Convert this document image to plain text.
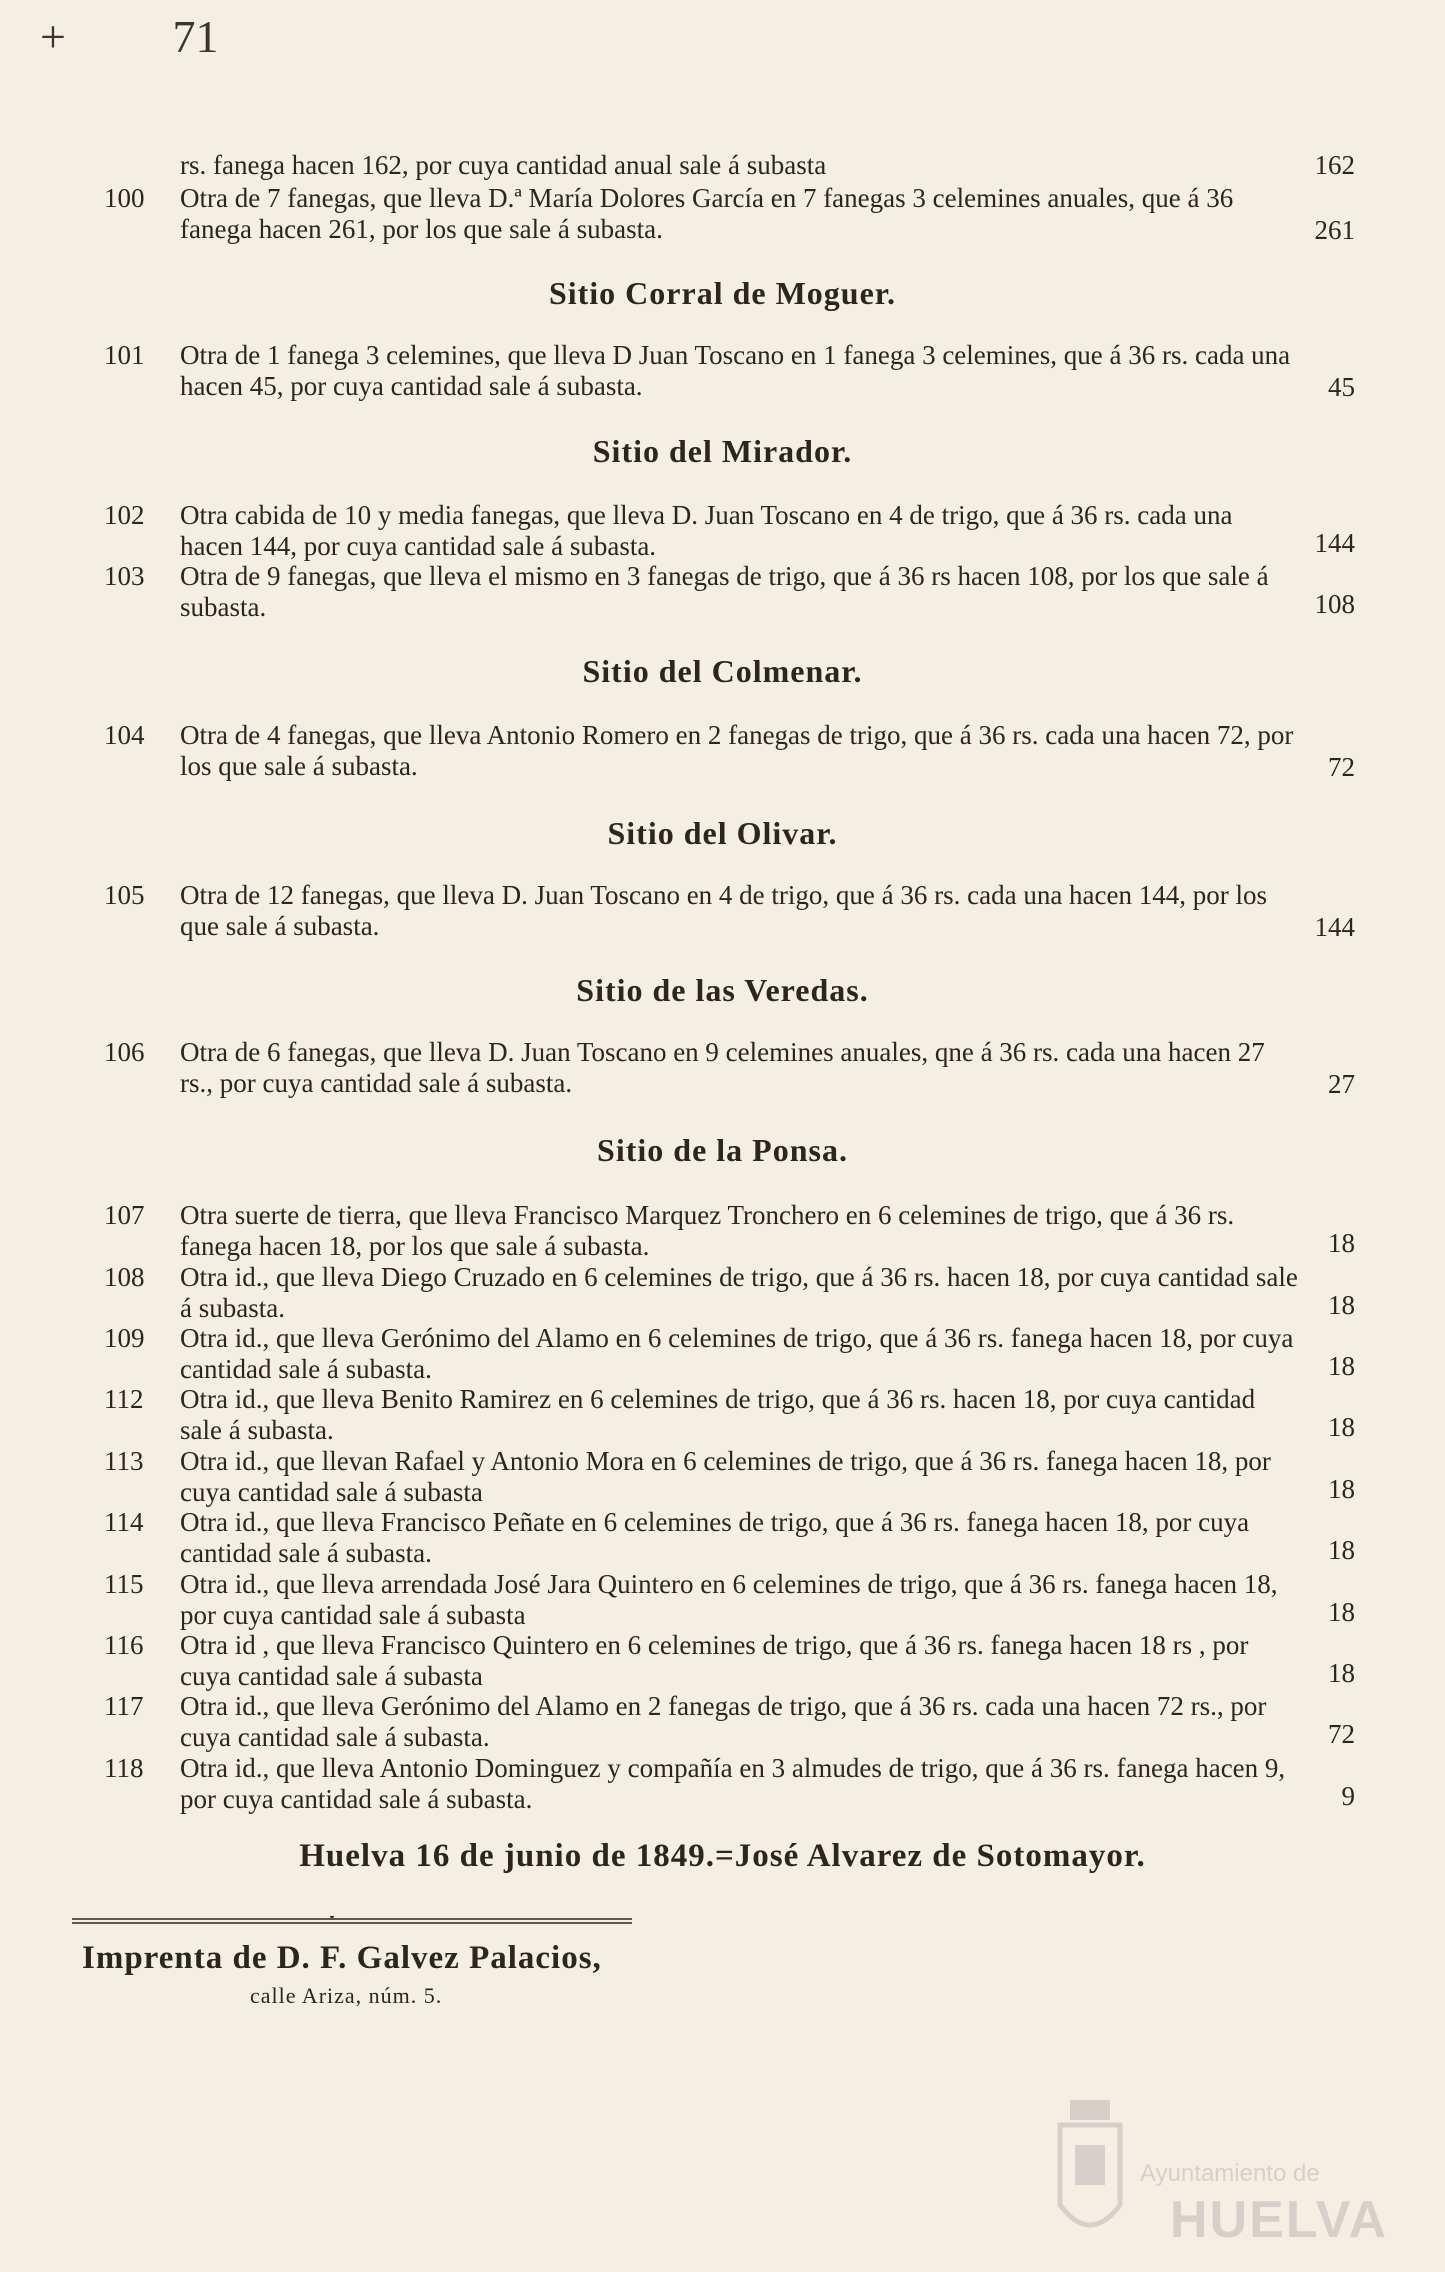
+ 71
rs. fanega hacen 162, por cuya cantidad anual sale á subasta	162
100	Otra de 7 fanegas, que lleva D.ª María Dolores García en 7 fanegas 3 celemines anuales, que á 36 fanega hacen 261, por los que sale á subasta.	261
Sitio Corral de Moguer.
101	Otra de 1 fanega 3 celemines, que lleva D Juan Toscano en 1 fanega 3 celemines, que á 36 rs. cada una hacen 45, por cuya cantidad sale á subasta.	45
Sitio del Mirador.
102	Otra cabida de 10 y media fanegas, que lleva D. Juan Toscano en 4 de trigo, que á 36 rs. cada una hacen 144, por cuya cantidad sale á subasta.	144
103	Otra de 9 fanegas, que lleva el mismo en 3 fanegas de trigo, que á 36 rs hacen 108, por los que sale á subasta.	108
Sitio del Colmenar.
104	Otra de 4 fanegas, que lleva Antonio Romero en 2 fanegas de trigo, que á 36 rs. cada una hacen 72, por los que sale á subasta.	72
Sitio del Olivar.
105	Otra de 12 fanegas, que lleva D. Juan Toscano en 4 de trigo, que á 36 rs. cada una hacen 144, por los que sale á subasta.	144
Sitio de las Veredas.
106	Otra de 6 fanegas, que lleva D. Juan Toscano en 9 celemines anuales, qne á 36 rs. cada una hacen 27 rs., por cuya cantidad sale á subasta.	27
Sitio de la Ponsa.
107	Otra suerte de tierra, que lleva Francisco Marquez Tronchero en 6 celemines de trigo, que á 36 rs. fanega hacen 18, por los que sale á subasta.	18
108	Otra id., que lleva Diego Cruzado en 6 celemines de trigo, que á 36 rs. hacen 18, por cuya cantidad sale á subasta.	18
109	Otra id., que lleva Gerónimo del Alamo en 6 celemines de trigo, que á 36 rs. fanega hacen 18, por cuya cantidad sale á subasta.	18
112	Otra id., que lleva Benito Ramirez en 6 celemines de trigo, que á 36 rs. hacen 18, por cuya cantidad sale á subasta.	18
113	Otra id., que llevan Rafael y Antonio Mora en 6 celemines de trigo, que á 36 rs. fanega hacen 18, por cuya cantidad sale á subasta	18
114	Otra id., que lleva Francisco Peñate en 6 celemines de trigo, que á 36 rs. fanega hacen 18, por cuya cantidad sale á subasta.	18
115	Otra id., que lleva arrendada José Jara Quintero en 6 celemines de trigo, que á 36 rs. fanega hacen 18, por cuya cantidad sale á subasta	18
116	Otra id , que lleva Francisco Quintero en 6 celemines de trigo, que á 36 rs. fanega hacen 18 rs , por cuya cantidad sale á subasta	18
117	Otra id., que lleva Gerónimo del Alamo en 2 fanegas de trigo, que á 36 rs. cada una hacen 72 rs., por cuya cantidad sale á subasta.	72
118	Otra id., que lleva Antonio Dominguez y compañía en 3 almudes de trigo, que á 36 rs. fanega hacen 9, por cuya cantidad sale á subasta.	9
Huelva 16 de junio de 1849.=José Alvarez de Sotomayor.
Imprenta de D. F. Galvez Palacios,
calle Ariza, núm. 5.
Ayuntamiento de
HUELVA
